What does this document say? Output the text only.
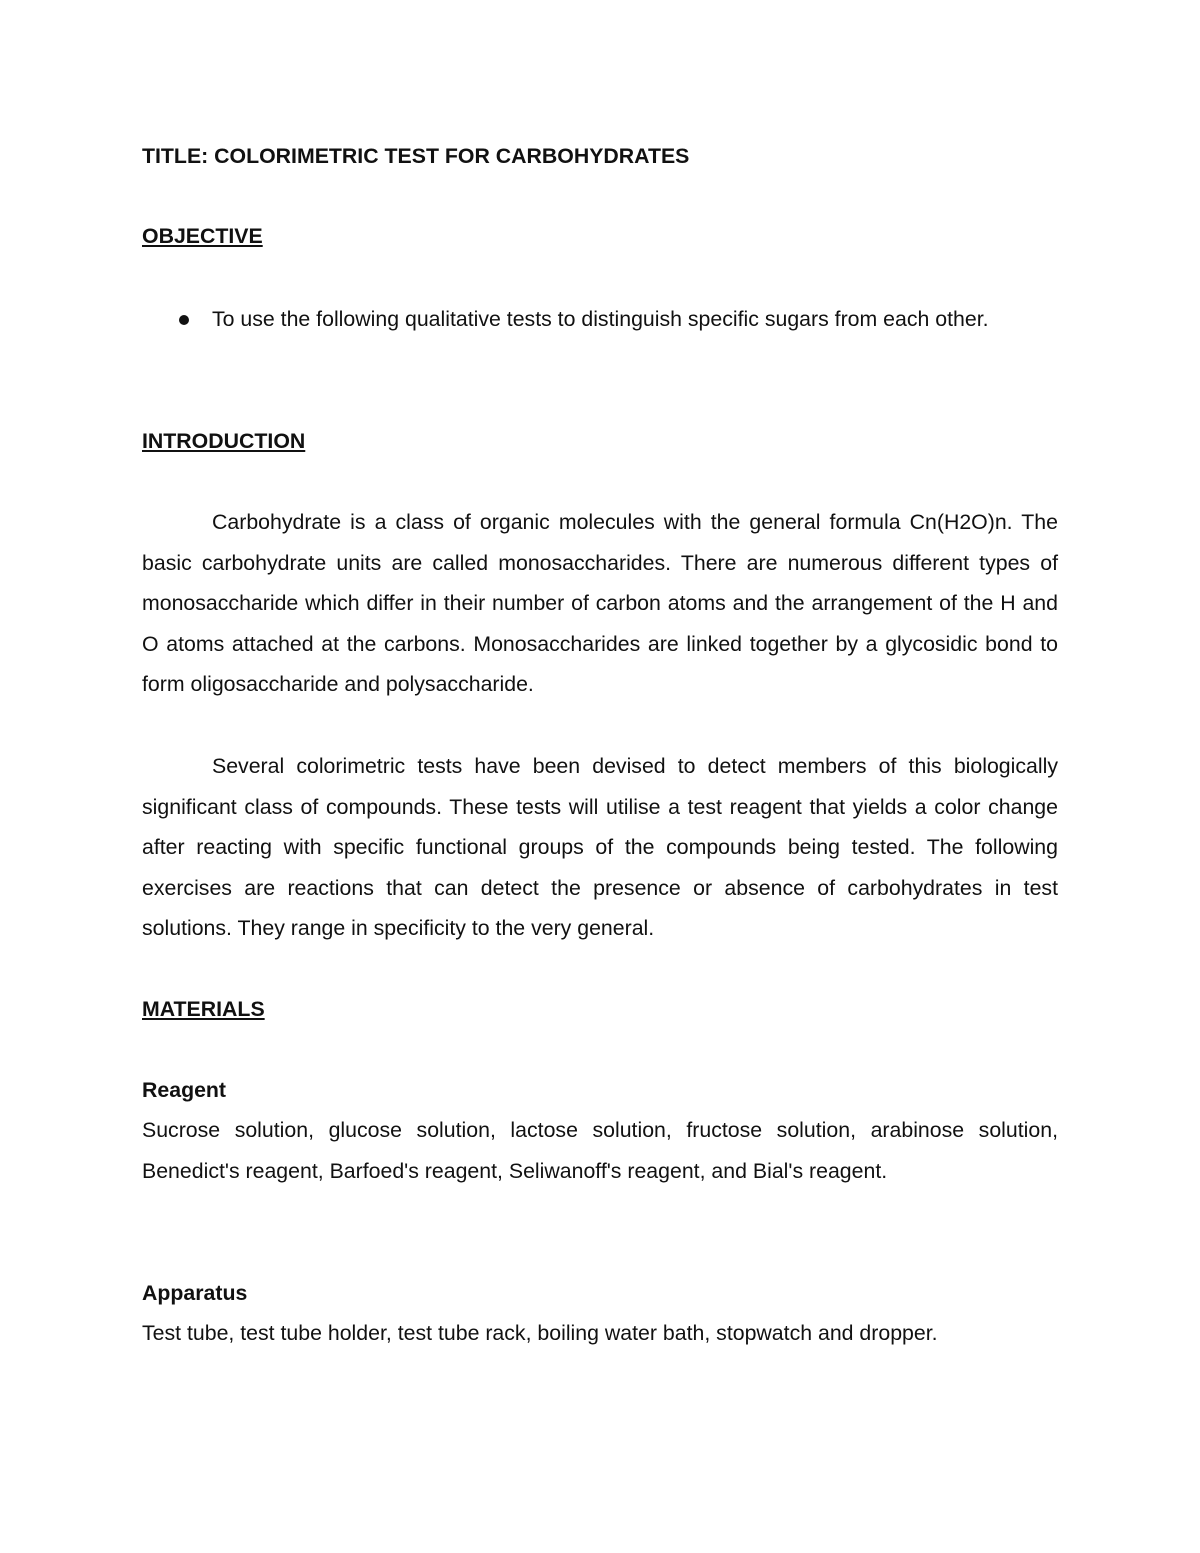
TITLE: COLORIMETRIC TEST FOR CARBOHYDRATES
OBJECTIVE
To use the following qualitative tests to distinguish specific sugars from each other.
INTRODUCTION

Carbohydrate is a class of organic molecules with the general formula Cn(H2O)n. The basic carbohydrate units are called monosaccharides. There are numerous different types of monosaccharide which differ in their number of carbon atoms and the arrangement of the H and O atoms attached at the carbons. Monosaccharides are linked together by a glycosidic bond to form oligosaccharide and polysaccharide.

Several colorimetric tests have been devised to detect members of this biologically significant class of compounds. These tests will utilise a test reagent that yields a color change after reacting with specific functional groups of the compounds being tested. The following exercises are reactions that can detect the presence or absence of carbohydrates in test solutions. They range in specificity to the very general.

MATERIALS
Reagent

Sucrose solution, glucose solution, lactose solution, fructose solution, arabinose solution, Benedict's reagent, Barfoed's reagent, Seliwanoff's reagent, and Bial's reagent.

Apparatus

Test tube, test tube holder, test tube rack, boiling water bath, stopwatch and dropper.
